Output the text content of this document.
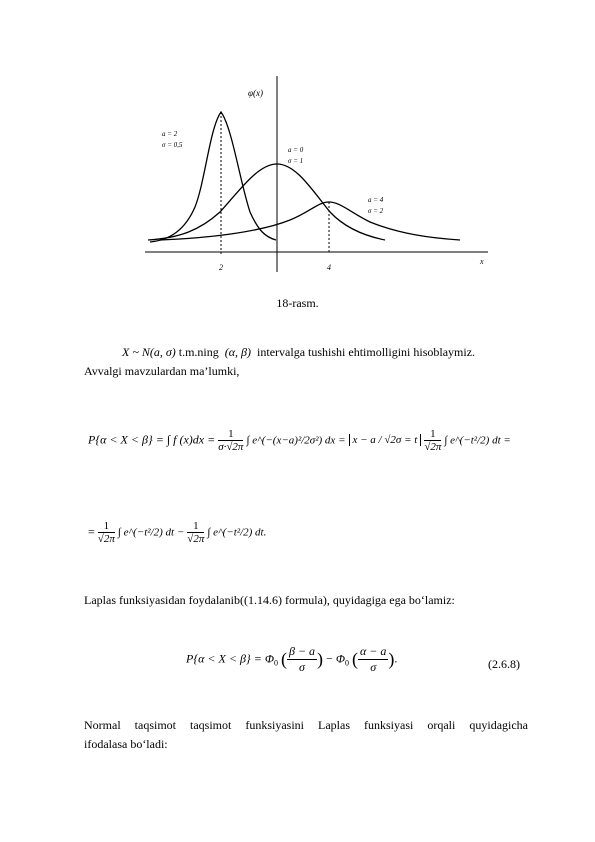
φ(x)
x
2	4
a = 2
σ = 0,5
a = 0
σ = 1
a = 4
σ = 2
18-rasm.
X ~ N(a, σ) t.m.ning (α, β) intervalga tushishi ehtimolligini hisoblaymiz.
Avvalgi mavzulardan ma’lumki,
P{α < X < β} = ∫ f $(x)dx = \frac{1}{\sigma\cdot√2\pi}$ ∫ e^(−(x−a)²/2σ²) dx = x − a / √2σ = t $\frac{1}{√2\pi}$ ∫ e^(−t²/2) dt =
= $\frac{1}{√2\pi}$ ∫ e^(−t²/2) dt − $\frac{1}{√2\pi}$ ∫ e^(−t²/2) dt.
Laplas funksiyasidan foydalanib((1.14.6) formula), quyidagiga ega bo‘lamiz:
$P\{\alpha < X < \beta\} = \Phi_0$ ( $\frac{\beta - a}{\sigma}$ ) − $\Phi_0$ ( $\frac{\alpha - a}{\sigma}$ ).	(2.6.8)
Normal taqsimot taqsimot funksiyasini Laplas funksiyasi orqali quyidagicha
ifodalasa bo‘ladi:
